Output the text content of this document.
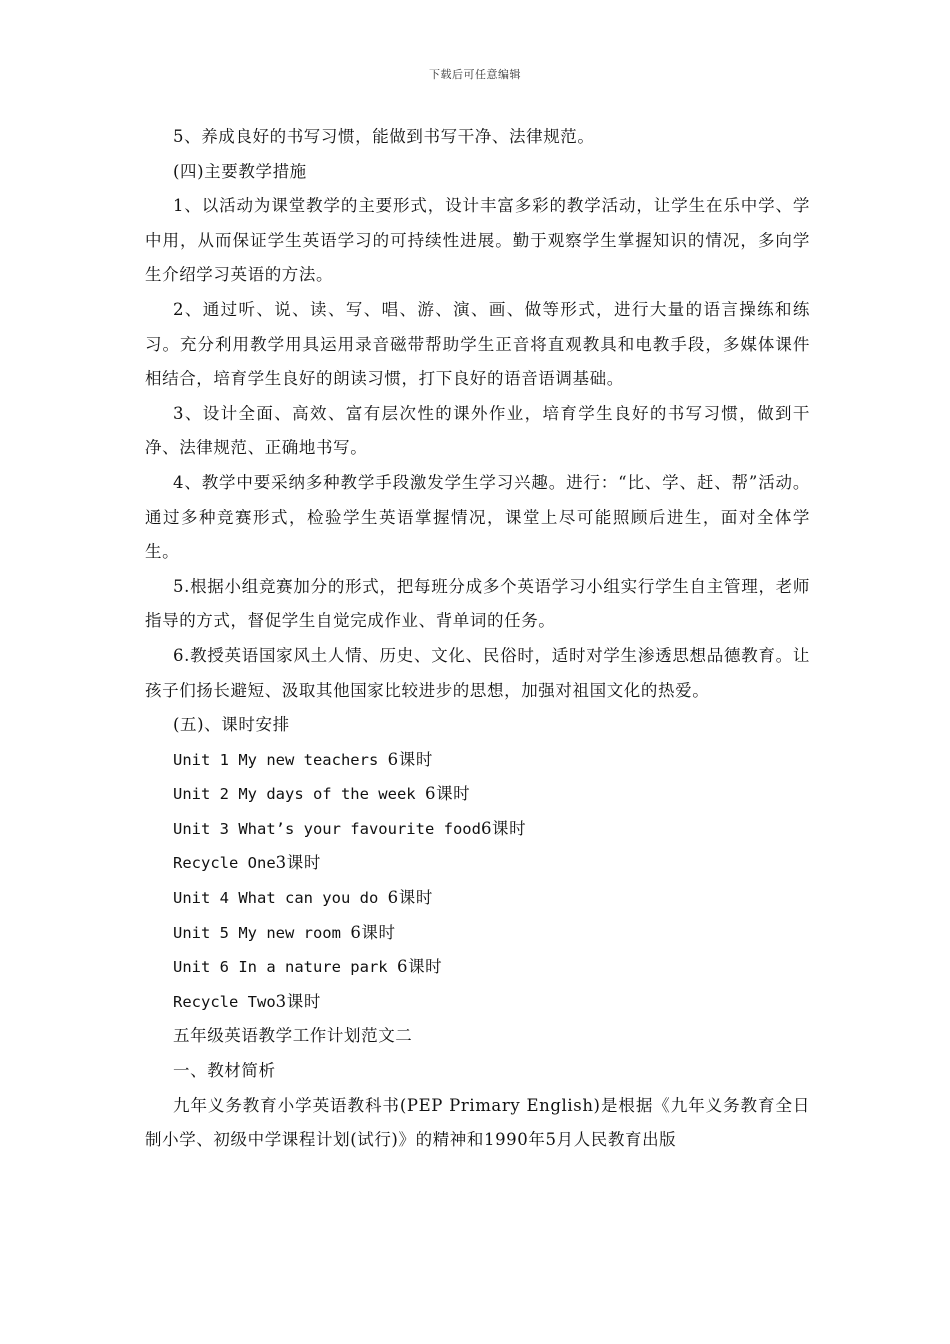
下载后可任意编辑

5、养成良好的书写习惯，能做到书写干净、法律规范。

(四)主要教学措施

1、以活动为课堂教学的主要形式，设计丰富多彩的教学活动，让学生在乐中学、学中用，从而保证学生英语学习的可持续性进展。勤于观察学生掌握知识的情况，多向学生介绍学习英语的方法。

2、通过听、说、读、写、唱、游、演、画、做等形式，进行大量的语言操练和练习。充分利用教学用具运用录音磁带帮助学生正音将直观教具和电教手段，多媒体课件相结合，培育学生良好的朗读习惯，打下良好的语音语调基础。

3、设计全面、高效、富有层次性的课外作业，培育学生良好的书写习惯，做到干净、法律规范、正确地书写。

4、教学中要采纳多种教学手段激发学生学习兴趣。进行：“比、学、赶、帮”活动。通过多种竞赛形式，检验学生英语掌握情况，课堂上尽可能照顾后进生，面对全体学生。

5.根据小组竞赛加分的形式，把每班分成多个英语学习小组实行学生自主管理，老师指导的方式，督促学生自觉完成作业、背单词的任务。

6.教授英语国家风土人情、历史、文化、民俗时，适时对学生渗透思想品德教育。让孩子们扬长避短、汲取其他国家比较进步的思想，加强对祖国文化的热爱。

(五)、课时安排

Unit 1 My new teachers 6课时

Unit 2 My days of the week 6课时

Unit 3 What’s your favourite food6课时

Recycle One3课时

Unit 4 What can you do 6课时

Unit 5 My new room 6课时

Unit 6 In a nature park 6课时

Recycle Two3课时

五年级英语教学工作计划范文二

一、教材简析

九年义务教育小学英语教科书(PEP Primary English)是根据《九年义务教育全日制小学、初级中学课程计划(试行)》的精神和1990年5月人民教育出版
